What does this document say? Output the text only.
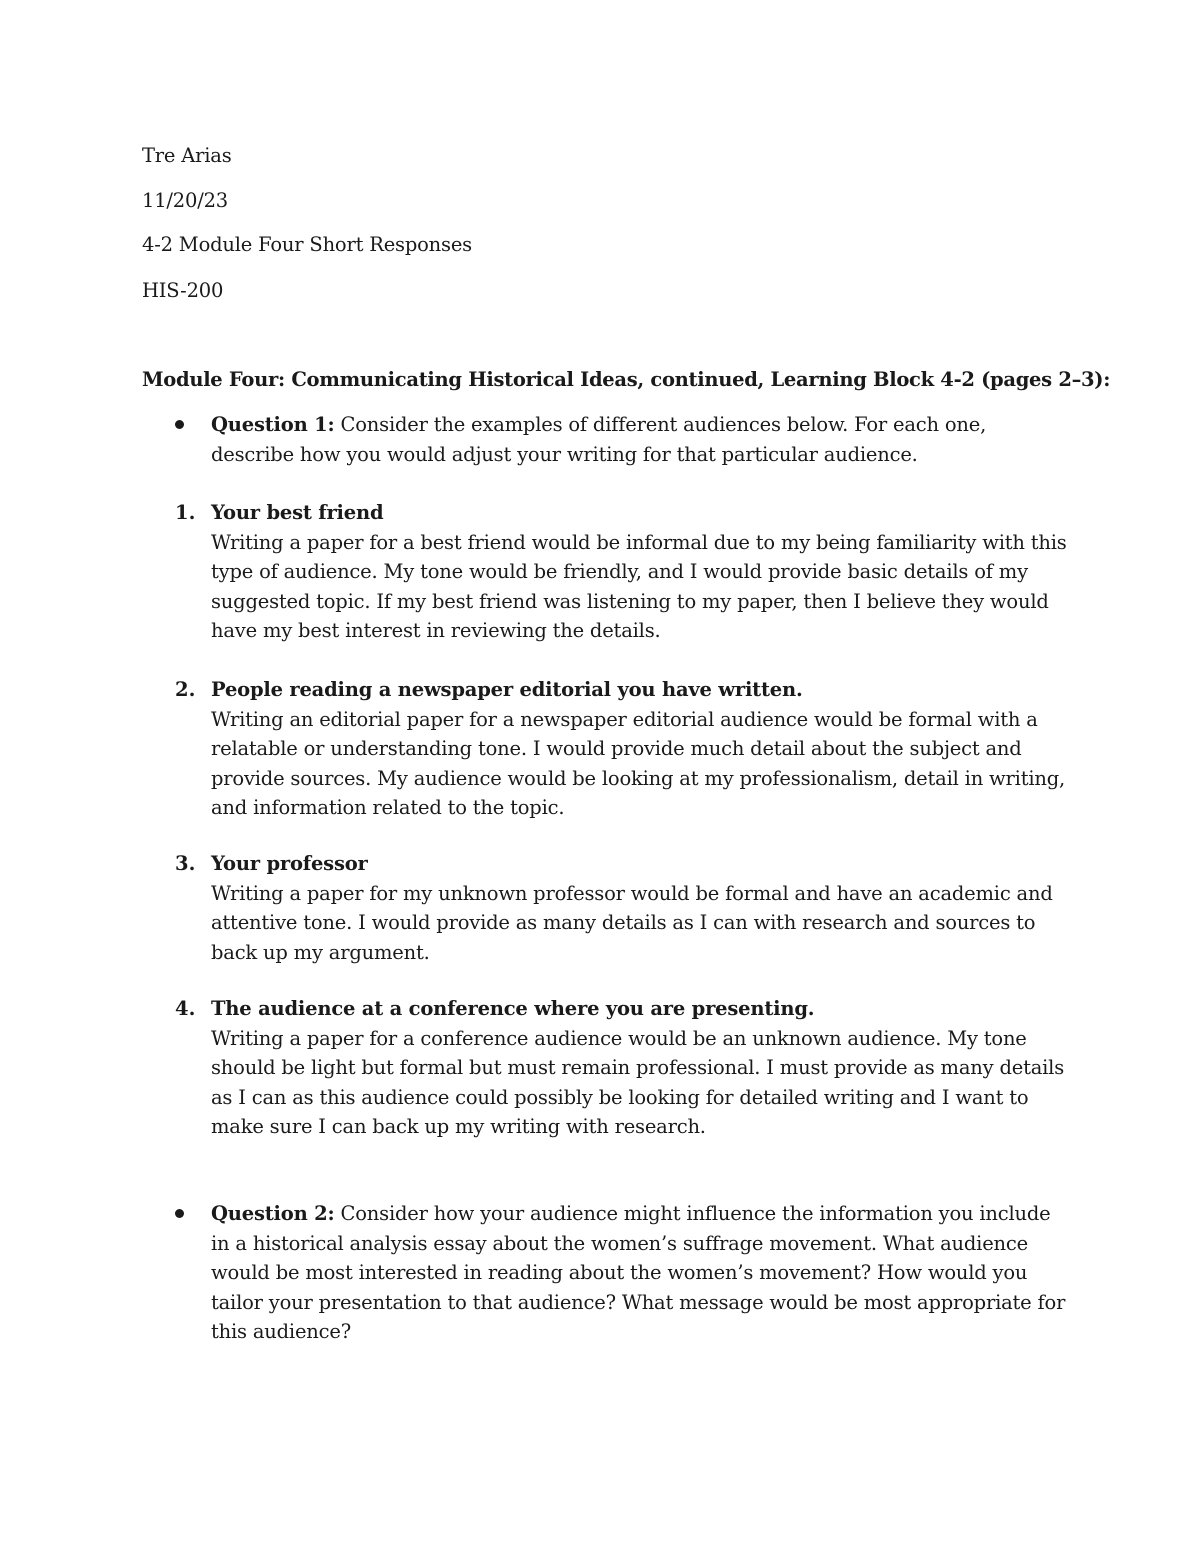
Tre Arias
11/20/23
4-2 Module Four Short Responses
HIS-200
Module Four: Communicating Historical Ideas, continued, Learning Block 4-2 (pages 2–3):
Question 1: Consider the examples of different audiences below. For each one, describe how you would adjust your writing for that particular audience.
1. Your best friend
Writing a paper for a best friend would be informal due to my being familiarity with this type of audience. My tone would be friendly, and I would provide basic details of my suggested topic. If my best friend was listening to my paper, then I believe they would have my best interest in reviewing the details.
2. People reading a newspaper editorial you have written.
Writing an editorial paper for a newspaper editorial audience would be formal with a relatable or understanding tone. I would provide much detail about the subject and provide sources. My audience would be looking at my professionalism, detail in writing, and information related to the topic.
3. Your professor
Writing a paper for my unknown professor would be formal and have an academic and attentive tone. I would provide as many details as I can with research and sources to back up my argument.
4. The audience at a conference where you are presenting.
Writing a paper for a conference audience would be an unknown audience. My tone should be light but formal but must remain professional. I must provide as many details as I can as this audience could possibly be looking for detailed writing and I want to make sure I can back up my writing with research.
Question 2: Consider how your audience might influence the information you include in a historical analysis essay about the women’s suffrage movement. What audience would be most interested in reading about the women’s movement? How would you tailor your presentation to that audience? What message would be most appropriate for this audience?
